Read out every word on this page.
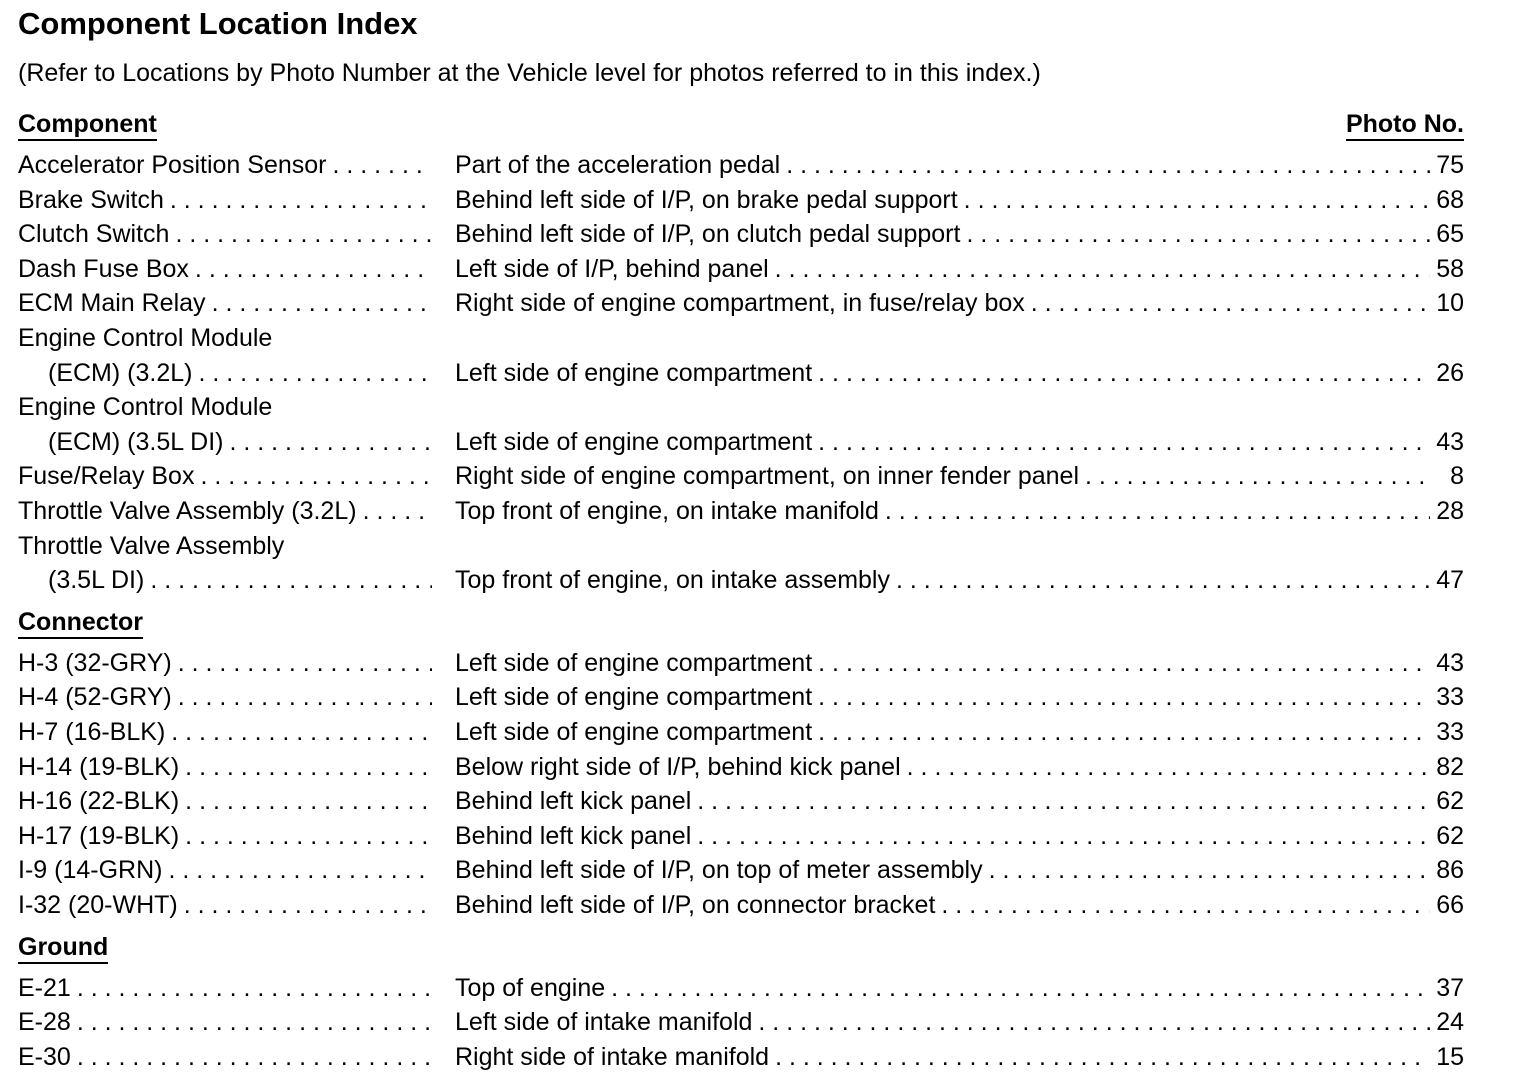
Component Location Index
(Refer to Locations by Photo Number at the Vehicle level for photos referred to in this index.)
Photo No.
Accelerator Position Sensor . . .	Part of the acceleration pedal . . .	75
Brake Switch . . .	Behind left side of I/P, on brake pedal support . . .	68
Clutch Switch . . .	Behind left side of I/P, on clutch pedal support . . .	65
Dash Fuse Box . . .	Left side of I/P, behind panel . . .	58
ECM Main Relay . . .	Right side of engine compartment, in fuse/relay box . . .	10
Engine Control Module
(ECM) (3.2L) . . .	Left side of engine compartment . . .	26
Engine Control Module
(ECM) (3.5L DI) . . .	Left side of engine compartment . . .	43
Fuse/Relay Box . . .	Right side of engine compartment, on inner fender panel . . .	8
Throttle Valve Assembly (3.2L) . . .	Top front of engine, on intake manifold . . .	28
Throttle Valve Assembly
(3.5L DI) . . .	Top front of engine, on intake assembly . . .	47
H-3 (32-GRY) . . .	Left side of engine compartment . . .	43
H-4 (52-GRY) . . .	Left side of engine compartment . . .	33
H-7 (16-BLK) . . .	Left side of engine compartment . . .	33
H-14 (19-BLK) . . .	Below right side of I/P, behind kick panel . . .	82
H-16 (22-BLK) . . .	Behind left kick panel . . .	62
H-17 (19-BLK) . . .	Behind left kick panel . . .	62
I-9 (14-GRN) . . .	Behind left side of I/P, on top of meter assembly . . .	86
I-32 (20-WHT) . . .	Behind left side of I/P, on connector bracket . . .	66
E-21 . . .	Top of engine . . .	37
E-28 . . .	Left side of intake manifold . . .	24
E-30 . . .	Right side of intake manifold . . .	15
Component
Connector
Ground
